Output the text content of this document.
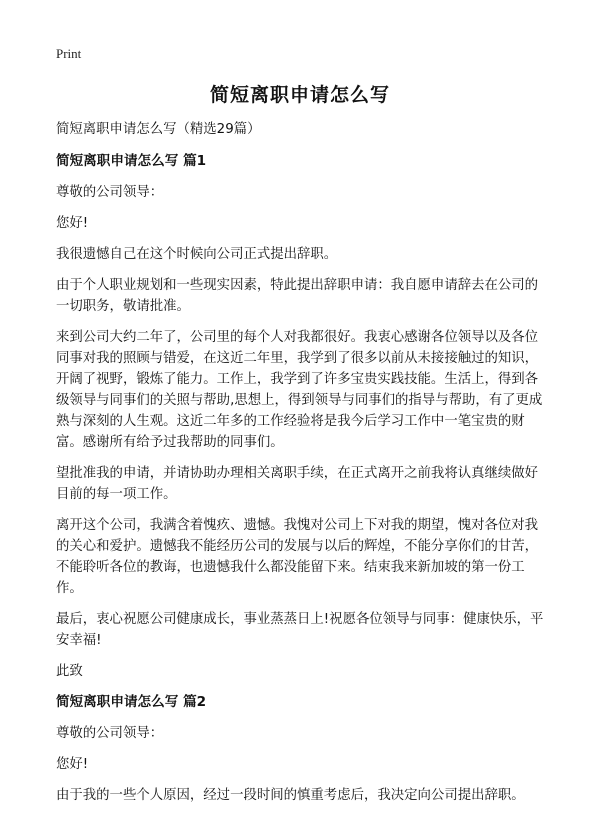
Print
简短离职申请怎么写

简短离职申请怎么写（精选29篇）

简短离职申请怎么写 篇1

尊敬的公司领导：

您好!

我很遗憾自己在这个时候向公司正式提出辞职。

由于个人职业规划和一些现实因素，特此提出辞职申请：我自愿申请辞去在公司的一切职务，敬请批准。

来到公司大约二年了，公司里的每个人对我都很好。我衷心感谢各位领导以及各位同事对我的照顾与错爱，在这近二年里，我学到了很多以前从未接接触过的知识，开阔了视野，锻炼了能力。工作上，我学到了许多宝贵实践技能。生活上，得到各级领导与同事们的关照与帮助,思想上，得到领导与同事们的指导与帮助，有了更成熟与深刻的人生观。这近二年多的工作经验将是我今后学习工作中一笔宝贵的财富。感谢所有给予过我帮助的同事们。

望批准我的申请，并请协助办理相关离职手续，在正式离开之前我将认真继续做好目前的每一项工作。

离开这个公司，我满含着愧疚、遗憾。我愧对公司上下对我的期望，愧对各位对我的关心和爱护。遗憾我不能经历公司的发展与以后的辉煌，不能分享你们的甘苦，不能聆听各位的教诲，也遗憾我什么都没能留下来。结束我来新加坡的第一份工作。

最后，衷心祝愿公司健康成长，事业蒸蒸日上!祝愿各位领导与同事：健康快乐，平安幸福!

此致

简短离职申请怎么写 篇2

尊敬的公司领导：

您好!

由于我的一些个人原因，经过一段时间的慎重考虑后，我决定向公司提出辞职。
